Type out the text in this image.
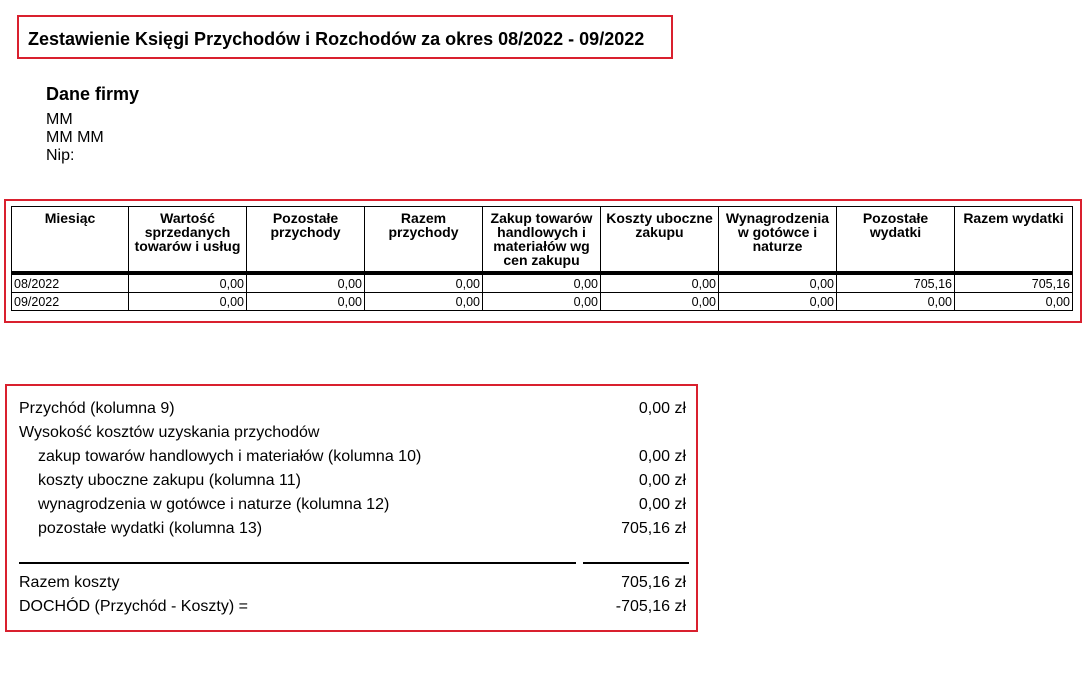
Zestawienie Księgi Przychodów i Rozchodów za okres 08/2022 - 09/2022
Dane firmy
MM
MM MM
Nip:
Miesiąc	Wartość sprzedanych towarów i usług	Pozostałe przychody	Razem przychody	Zakup towarów handlowych i materiałów wg cen zakupu	Koszty uboczne zakupu	Wynagrodzenia w gotówce i naturze	Pozostałe wydatki	Razem wydatki
08/2022	0,00	0,00	0,00	0,00	0,00	0,00	705,16	705,16
09/2022	0,00	0,00	0,00	0,00	0,00	0,00	0,00	0,00
Przychód (kolumna 9)	0,00 zł
Wysokość kosztów uzyskania przychodów
zakup towarów handlowych i materiałów (kolumna 10)	0,00 zł
koszty uboczne zakupu (kolumna 11)	0,00 zł
wynagrodzenia w gotówce i naturze (kolumna 12)	0,00 zł
pozostałe wydatki (kolumna 13)	705,16 zł
Razem koszty	705,16 zł
DOCHÓD (Przychód - Koszty) =	-705,16 zł
